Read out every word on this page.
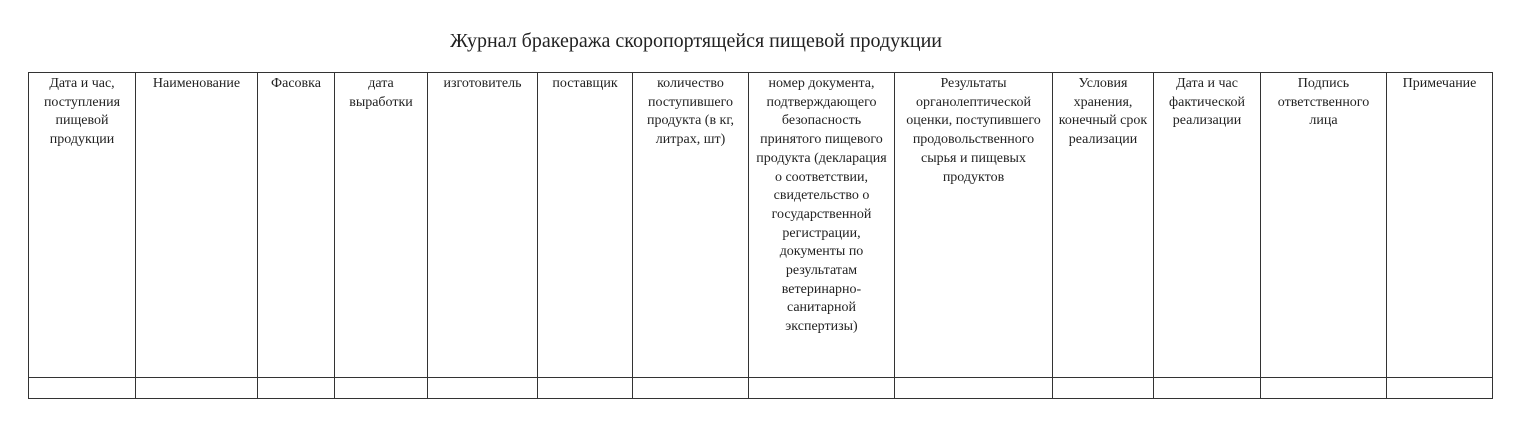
Журнал бракеража скоропортящейся пищевой продукции
Дата и час, поступления пищевой продукции	Наименование	Фасовка	дата выработки	изготовитель	поставщик	количество поступившего продукта (в кг, литрах, шт)	номер документа, подтверждающего безопасность принятого пищевого продукта (декларация о соответствии, свидетельство о государственной регистрации, документы по результатам ветеринарно-санитарной экспертизы)	Результаты органолептической оценки, поступившего продовольственного сырья и пищевых продуктов	Условия хранения, конечный срок реализации	Дата и час фактической реализации	Подпись ответственного лица	Примечание
